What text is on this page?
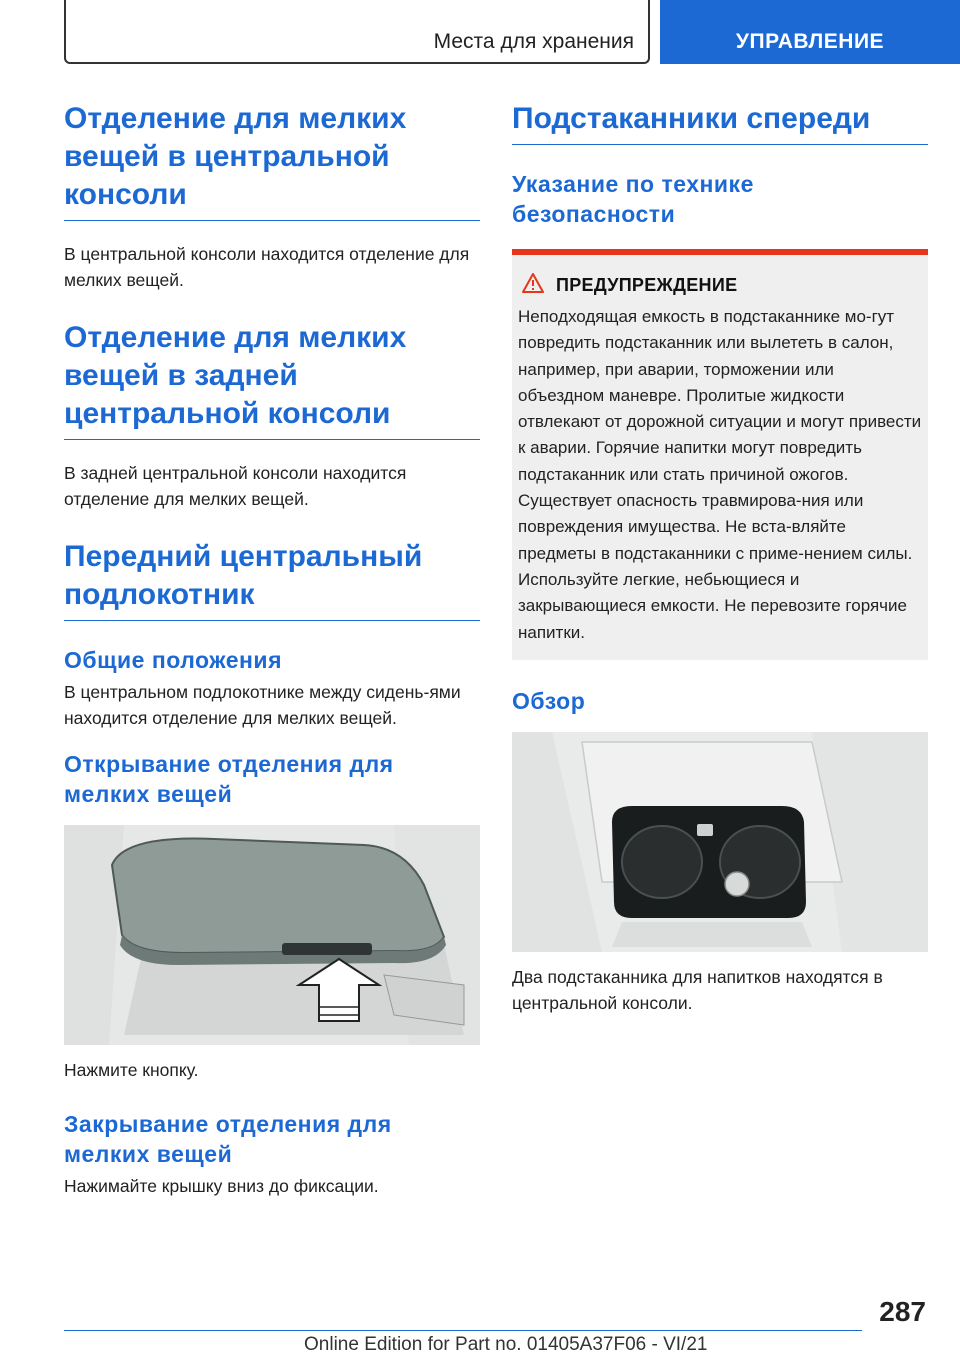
Места для хранения	УПРАВЛЕНИЕ
Отделение для мелких вещей в центральной консоли

В центральной консоли находится отделение для мелких вещей.

Отделение для мелких вещей в задней центральной консоли

В задней центральной консоли находится отделение для мелких вещей.

Передний центральный подлокотник
Общие положения

В центральном подлокотнике между сидень-ями находится отделение для мелких вещей.

Открывание отделения для мелких вещей

Нажмите кнопку.

Закрывание отделения для мелких вещей

Нажимайте крышку вниз до фиксации.

Подстаканники спереди
Указание по технике безопасности
ПРЕДУПРЕЖДЕНИЕ

Неподходящая емкость в подстаканнике мо-гут повредить подстаканник или вылететь в салон, например, при аварии, торможении или объездном маневре. Пролитые жидкости отвлекают от дорожной ситуации и могут привести к аварии. Горячие напитки могут повредить подстаканник или стать причиной ожогов. Существует опасность травмирова-ния или повреждения имущества. Не вста-вляйте предметы в подстаканники с приме-нением силы. Используйте легкие, небьющиеся и закрывающиеся емкости. Не перевозите горячие напитки.

Обзор

Два подстаканника для напитков находятся в центральной консоли.

287
Online Edition for Part no. 01405A37F06 - VI/21
